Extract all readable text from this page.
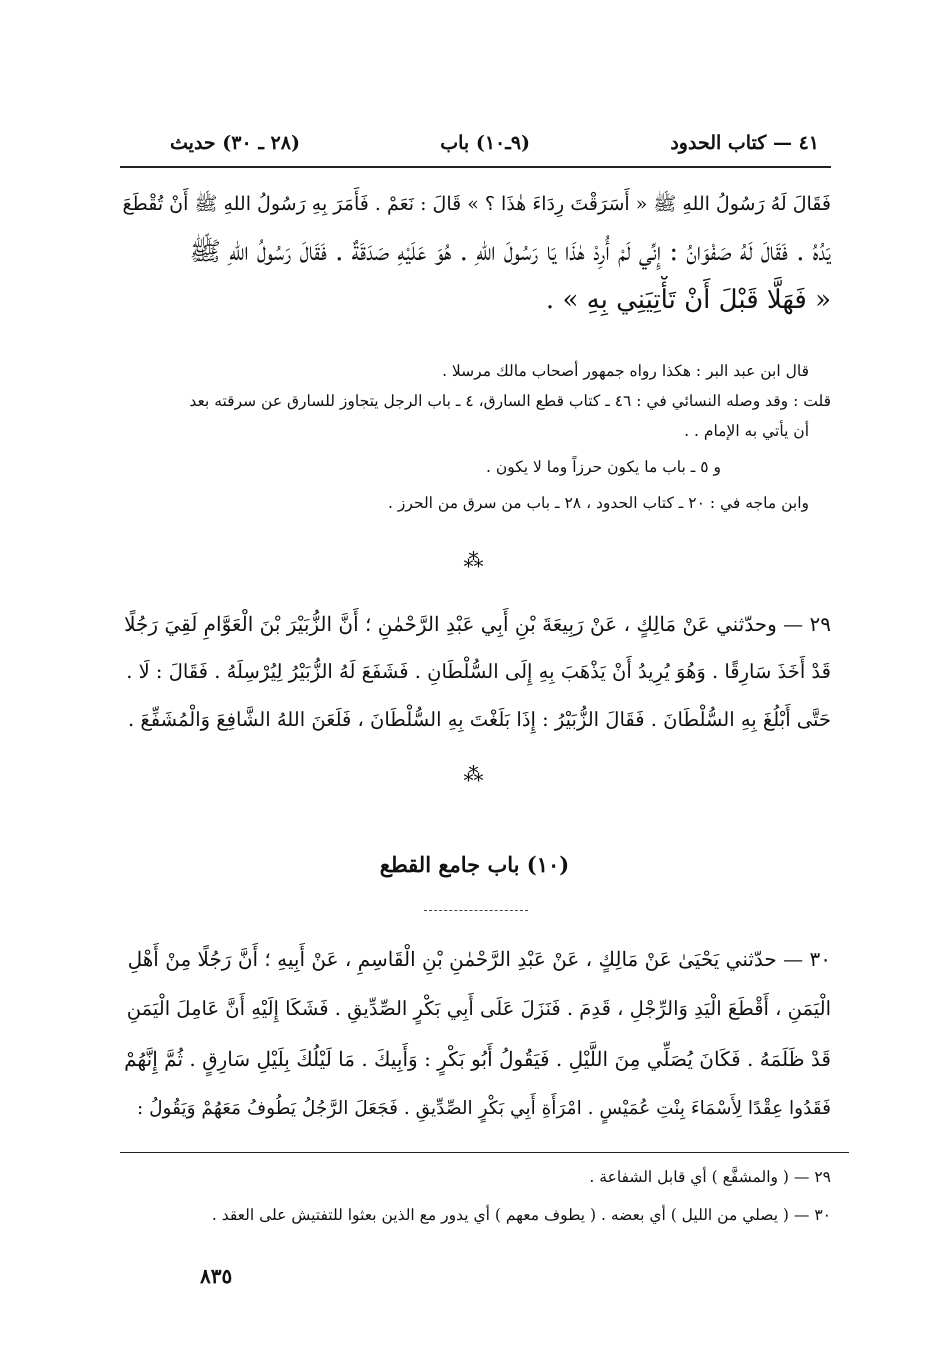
٤١ — كتاب الحدود
(٩ـ١٠) باب
(٢٨ ـ ٣٠) حديث

فَقَالَ لَهُ رَسُولُ اللهِ ﷺ « أَسَرَقْتَ رِدَاءَ هٰذَا ؟ » قَالَ : نَعَمْ . فَأَمَرَ بِهِ رَسُولُ اللهِ ﷺ أَنْ تُقْطَعَ
يَدُهُ . فَقَالَ لَهُ صَفْوَانُ : إِنِّي لَمْ أُرِدْ هٰذَا يَا رَسُولَ اللهِ . هُوَ عَلَيْهِ صَدَقَةٌ . فَقَالَ رَسُولُ اللهِ ﷺ
« فَهَلَّا قَبْلَ أَنْ تَأْتِيَنِي بِهِ » .

قال ابن عبد البر : هكذا رواه جمهور أصحاب مالك مرسلا .

قلت : وقد وصله النسائي في : ٤٦ ـ كتاب قطع السارق، ٤ ـ باب الرجل يتجاوز للسارق عن سرقته بعد

أن يأتي به الإمام . .

و ٥ ـ باب ما يكون حرزاً وما لا يكون .

وابن ماجه في : ٢٠ ـ كتاب الحدود ، ٢٨ ـ باب من سرق من الحرز .

⁂

٢٩ — وحدّثني عَنْ مَالِكٍ ، عَنْ رَبِيعَةَ بْنِ أَبِي عَبْدِ الرَّحْمٰنِ ؛ أَنَّ الزُّبَيْرَ بْنَ الْعَوَّامِ لَقِيَ رَجُلًا
قَدْ أَخَذَ سَارِقًا . وَهُوَ يُرِيدُ أَنْ يَذْهَبَ بِهِ إِلَى السُّلْطَانِ . فَشَفَعَ لَهُ الزُّبَيْرُ لِيُرْسِلَهُ . فَقَالَ : لَا .
حَتَّى أَبْلُغَ بِهِ السُّلْطَانَ . فَقَالَ الزُّبَيْرُ : إِذَا بَلَغْتَ بِهِ السُّلْطَانَ ، فَلَعَنَ اللهُ الشَّافِعَ وَالْمُشَفِّعَ .

⁂
(١٠) باب جامع القطع

٣٠ — حدّثني يَحْيَىٰ عَنْ مَالِكٍ ، عَنْ عَبْدِ الرَّحْمٰنِ بْنِ الْقَاسِمِ ، عَنْ أَبِيهِ ؛ أَنَّ رَجُلًا مِنْ أَهْلِ
الْيَمَنِ ، أَقْطَعَ الْيَدِ وَالرِّجْلِ ، قَدِمَ . فَنَزَلَ عَلَى أَبِي بَكْرٍ الصِّدِّيقِ . فَشَكَا إِلَيْهِ أَنَّ عَامِلَ الْيَمَنِ
قَدْ ظَلَمَهُ . فَكَانَ يُصَلِّي مِنَ اللَّيْلِ . فَيَقُولُ أَبُو بَكْرٍ : وَأَبِيكَ . مَا لَيْلُكَ بِلَيْلِ سَارِقٍ . ثُمَّ إِنَّهُمْ
فَقَدُوا عِقْدًا لِأَسْمَاءَ بِنْتِ عُمَيْسٍ . امْرَأَةِ أَبِي بَكْرٍ الصِّدِّيقِ . فَجَعَلَ الرَّجُلُ يَطُوفُ مَعَهُمْ وَيَقُولُ :

٢٩ — ( والمشفَّع ) أي قابل الشفاعة .

٣٠ — ( يصلي من الليل ) أي بعضه . ( يطوف معهم ) أي يدور مع الذين بعثوا للتفتيش على العقد .

٨٣٥
